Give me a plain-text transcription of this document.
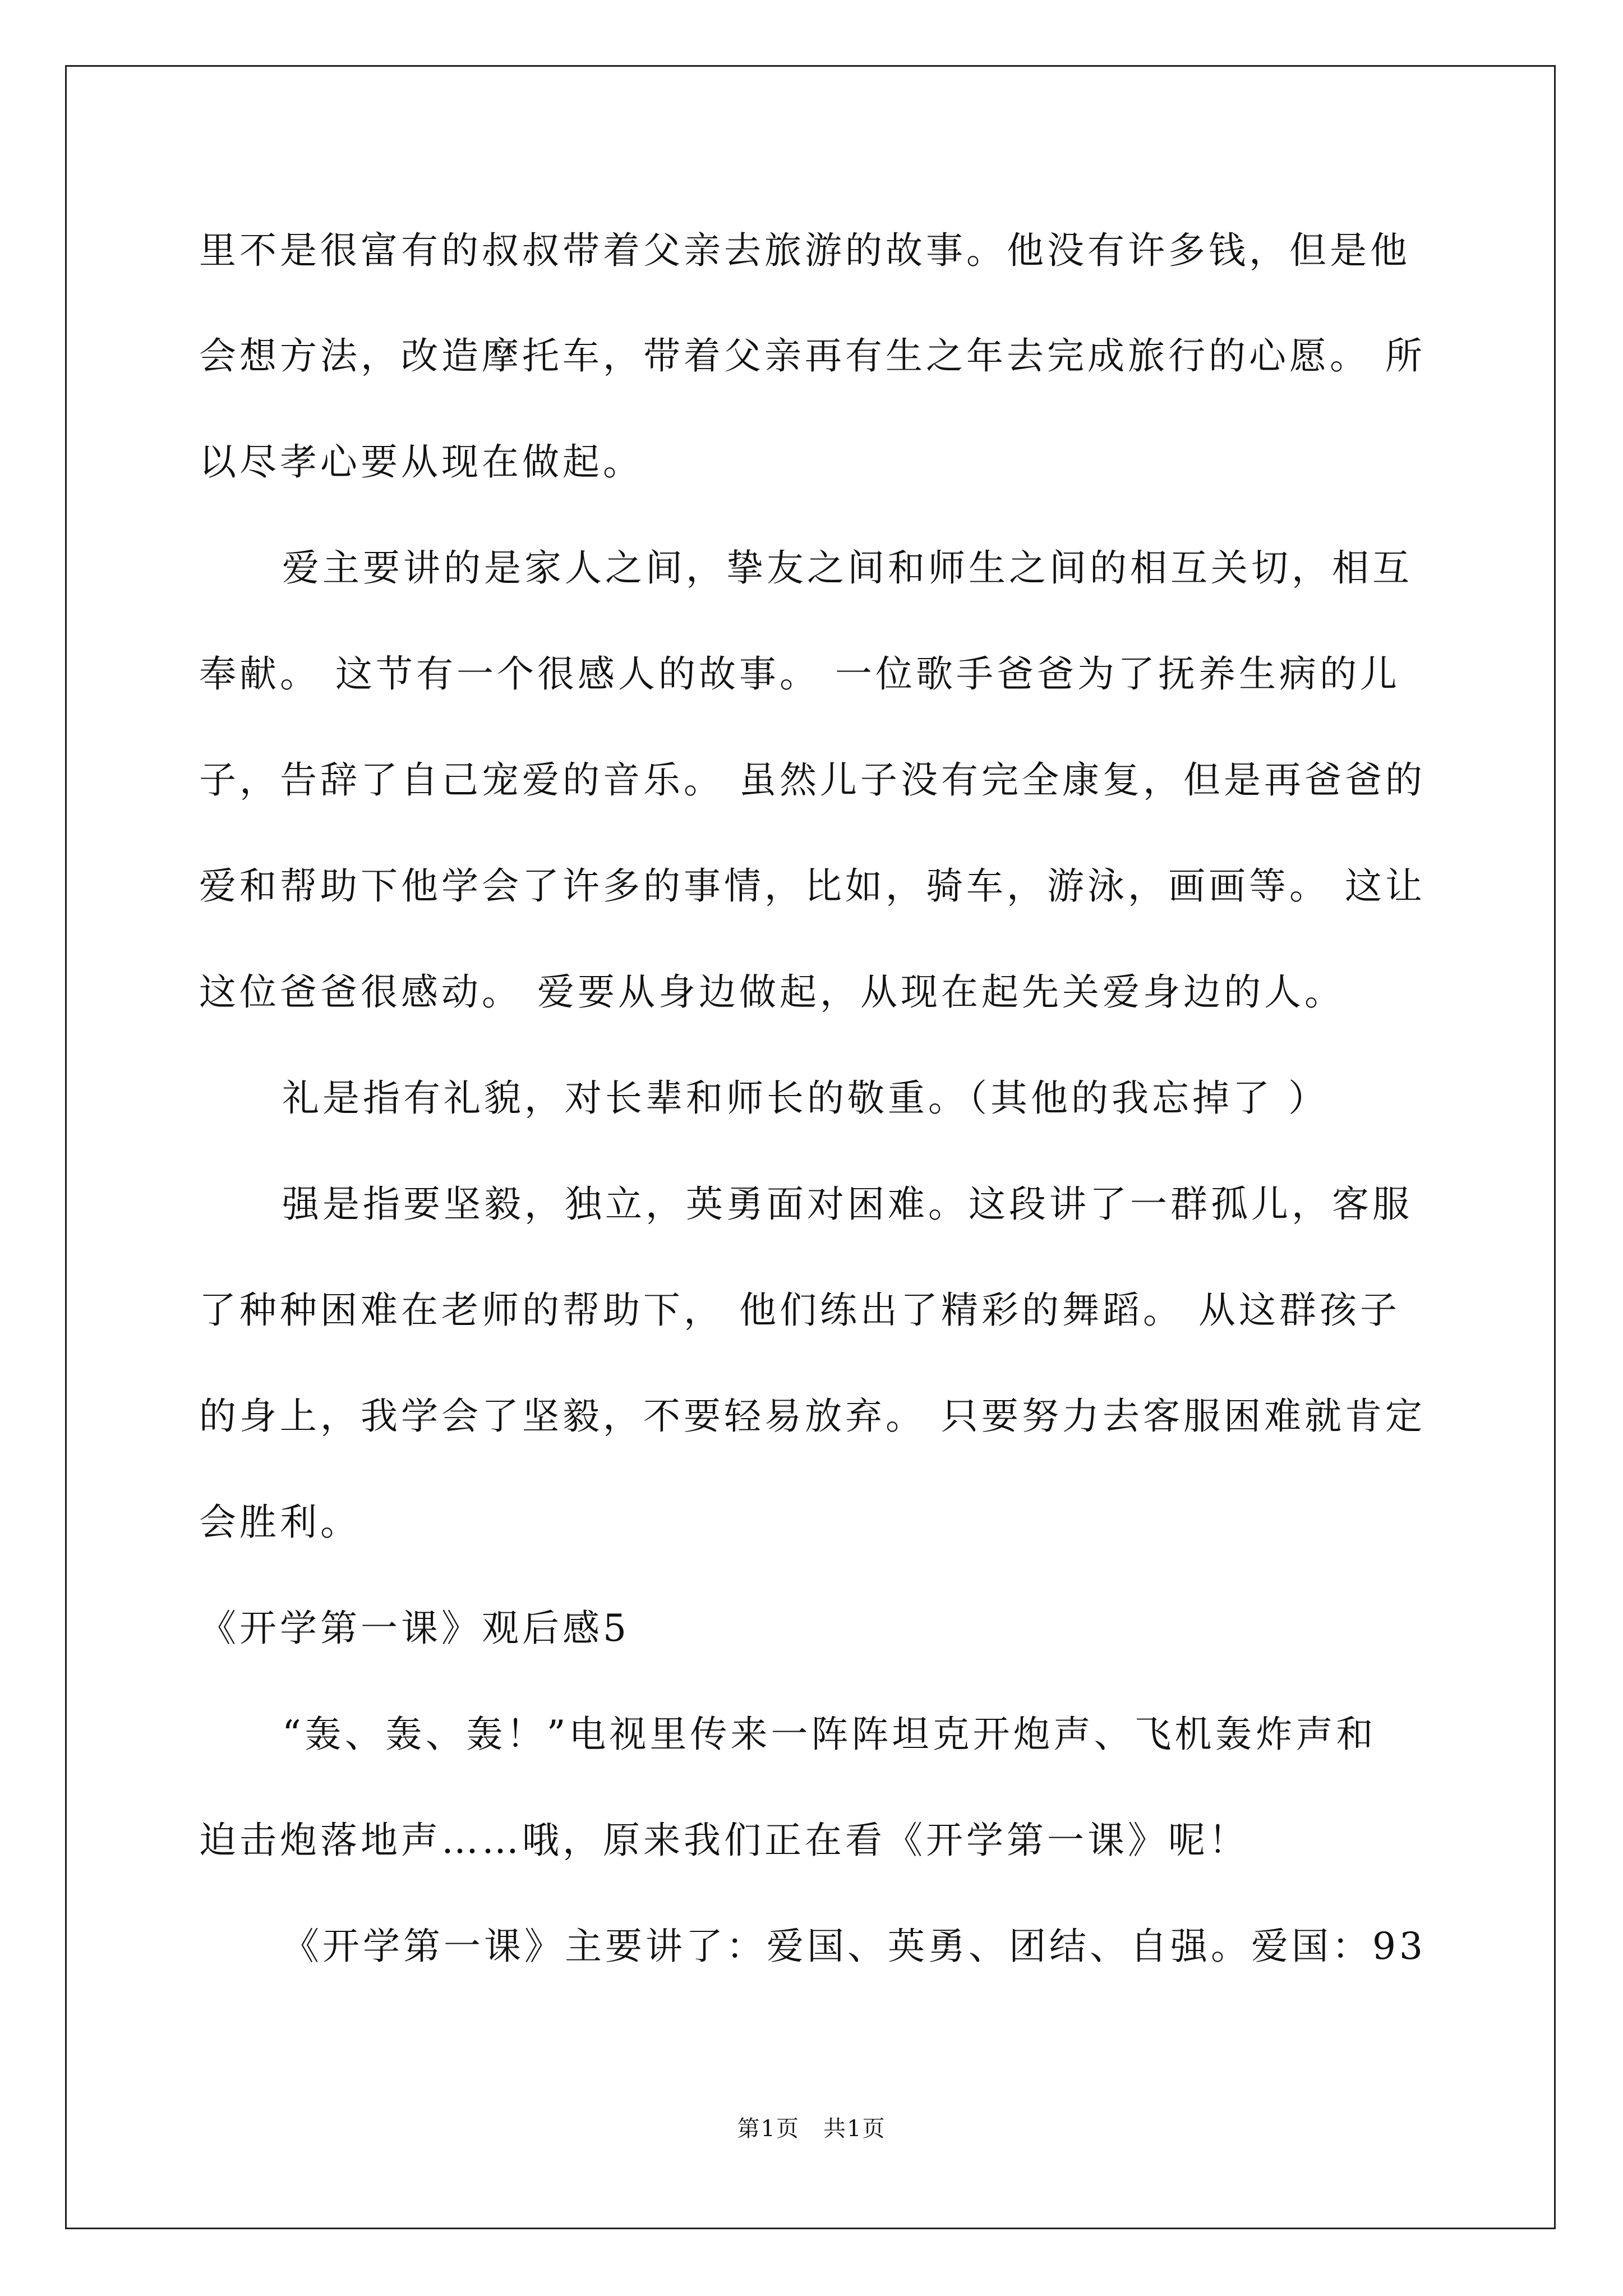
里不是很富有的叔叔带着父亲去旅游的故事。他没有许多钱，但是他
会想方法，改造摩托车，带着父亲再有生之年去完成旅行的心愿。 所
以尽孝心要从现在做起。
爱主要讲的是家人之间，挚友之间和师生之间的相互关切，相互
奉献。 这节有一个很感人的故事。 一位歌手爸爸为了抚养生病的儿
子，告辞了自己宠爱的音乐。 虽然儿子没有完全康复，但是再爸爸的
爱和帮助下他学会了许多的事情，比如，骑车，游泳，画画等。 这让
这位爸爸很感动。 爱要从身边做起，从现在起先关爱身边的人。
礼是指有礼貌，对长辈和师长的敬重。（其他的我忘掉了 ）
强是指要坚毅，独立，英勇面对困难。这段讲了一群孤儿，客服
了种种困难在老师的帮助下， 他们练出了精彩的舞蹈。 从这群孩子
的身上，我学会了坚毅，不要轻易放弃。 只要努力去客服困难就肯定
会胜利。
《开学第一课》观后感5
“轰、轰、轰！”电视里传来一阵阵坦克开炮声、飞机轰炸声和
迫击炮落地声……哦，原来我们正在看《开学第一课》呢！
《开学第一课》主要讲了：爱国、英勇、团结、自强。爱国：93
第1页　共1页
